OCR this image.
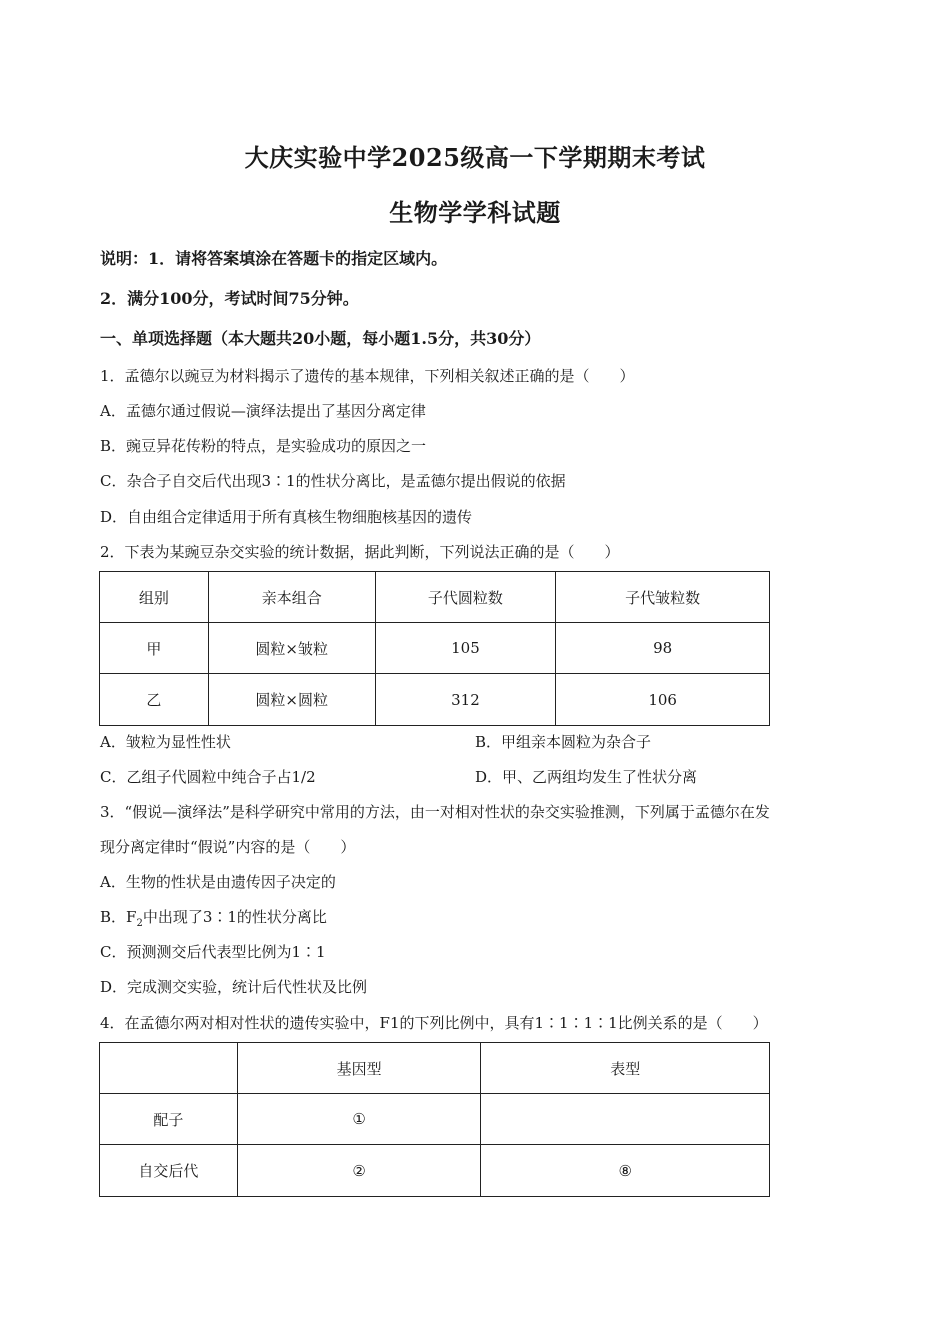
大庆实验中学2025级高一下学期期末考试
生物学学科试题
说明：1．请将答案填涂在答题卡的指定区域内。
2．满分100分，考试时间75分钟。
一、单项选择题（本大题共20小题，每小题1.5分，共30分）
1．孟德尔以豌豆为材料揭示了遗传的基本规律，下列相关叙述正确的是（　　）
A．孟德尔通过假说—演绎法提出了基因分离定律
B．豌豆异花传粉的特点，是实验成功的原因之一
C．杂合子自交后代出现3∶1的性状分离比，是孟德尔提出假说的依据
D．自由组合定律适用于所有真核生物细胞核基因的遗传
2．下表为某豌豆杂交实验的统计数据，据此判断，下列说法正确的是（　　）
组别	亲本组合	子代圆粒数	子代皱粒数
甲	圆粒×皱粒	105	98
乙	圆粒×圆粒	312	106
A．皱粒为显性性状	B．甲组亲本圆粒为杂合子
C．乙组子代圆粒中纯合子占1/2	D．甲、乙两组均发生了性状分离
3．“假说—演绎法”是科学研究中常用的方法，由一对相对性状的杂交实验推测，下列属于孟德尔在发
现分离定律时“假说”内容的是（　　）
A．生物的性状是由遗传因子决定的
B．$F_2$中出现了3∶1的性状分离比
C．预测测交后代表型比例为1∶1
D．完成测交实验，统计后代性状及比例
4．在孟德尔两对相对性状的遗传实验中，F1的下列比例中，具有1∶1∶1∶1比例关系的是（　　）
	基因型	表型
配子	①	
自交后代	②	⑧
